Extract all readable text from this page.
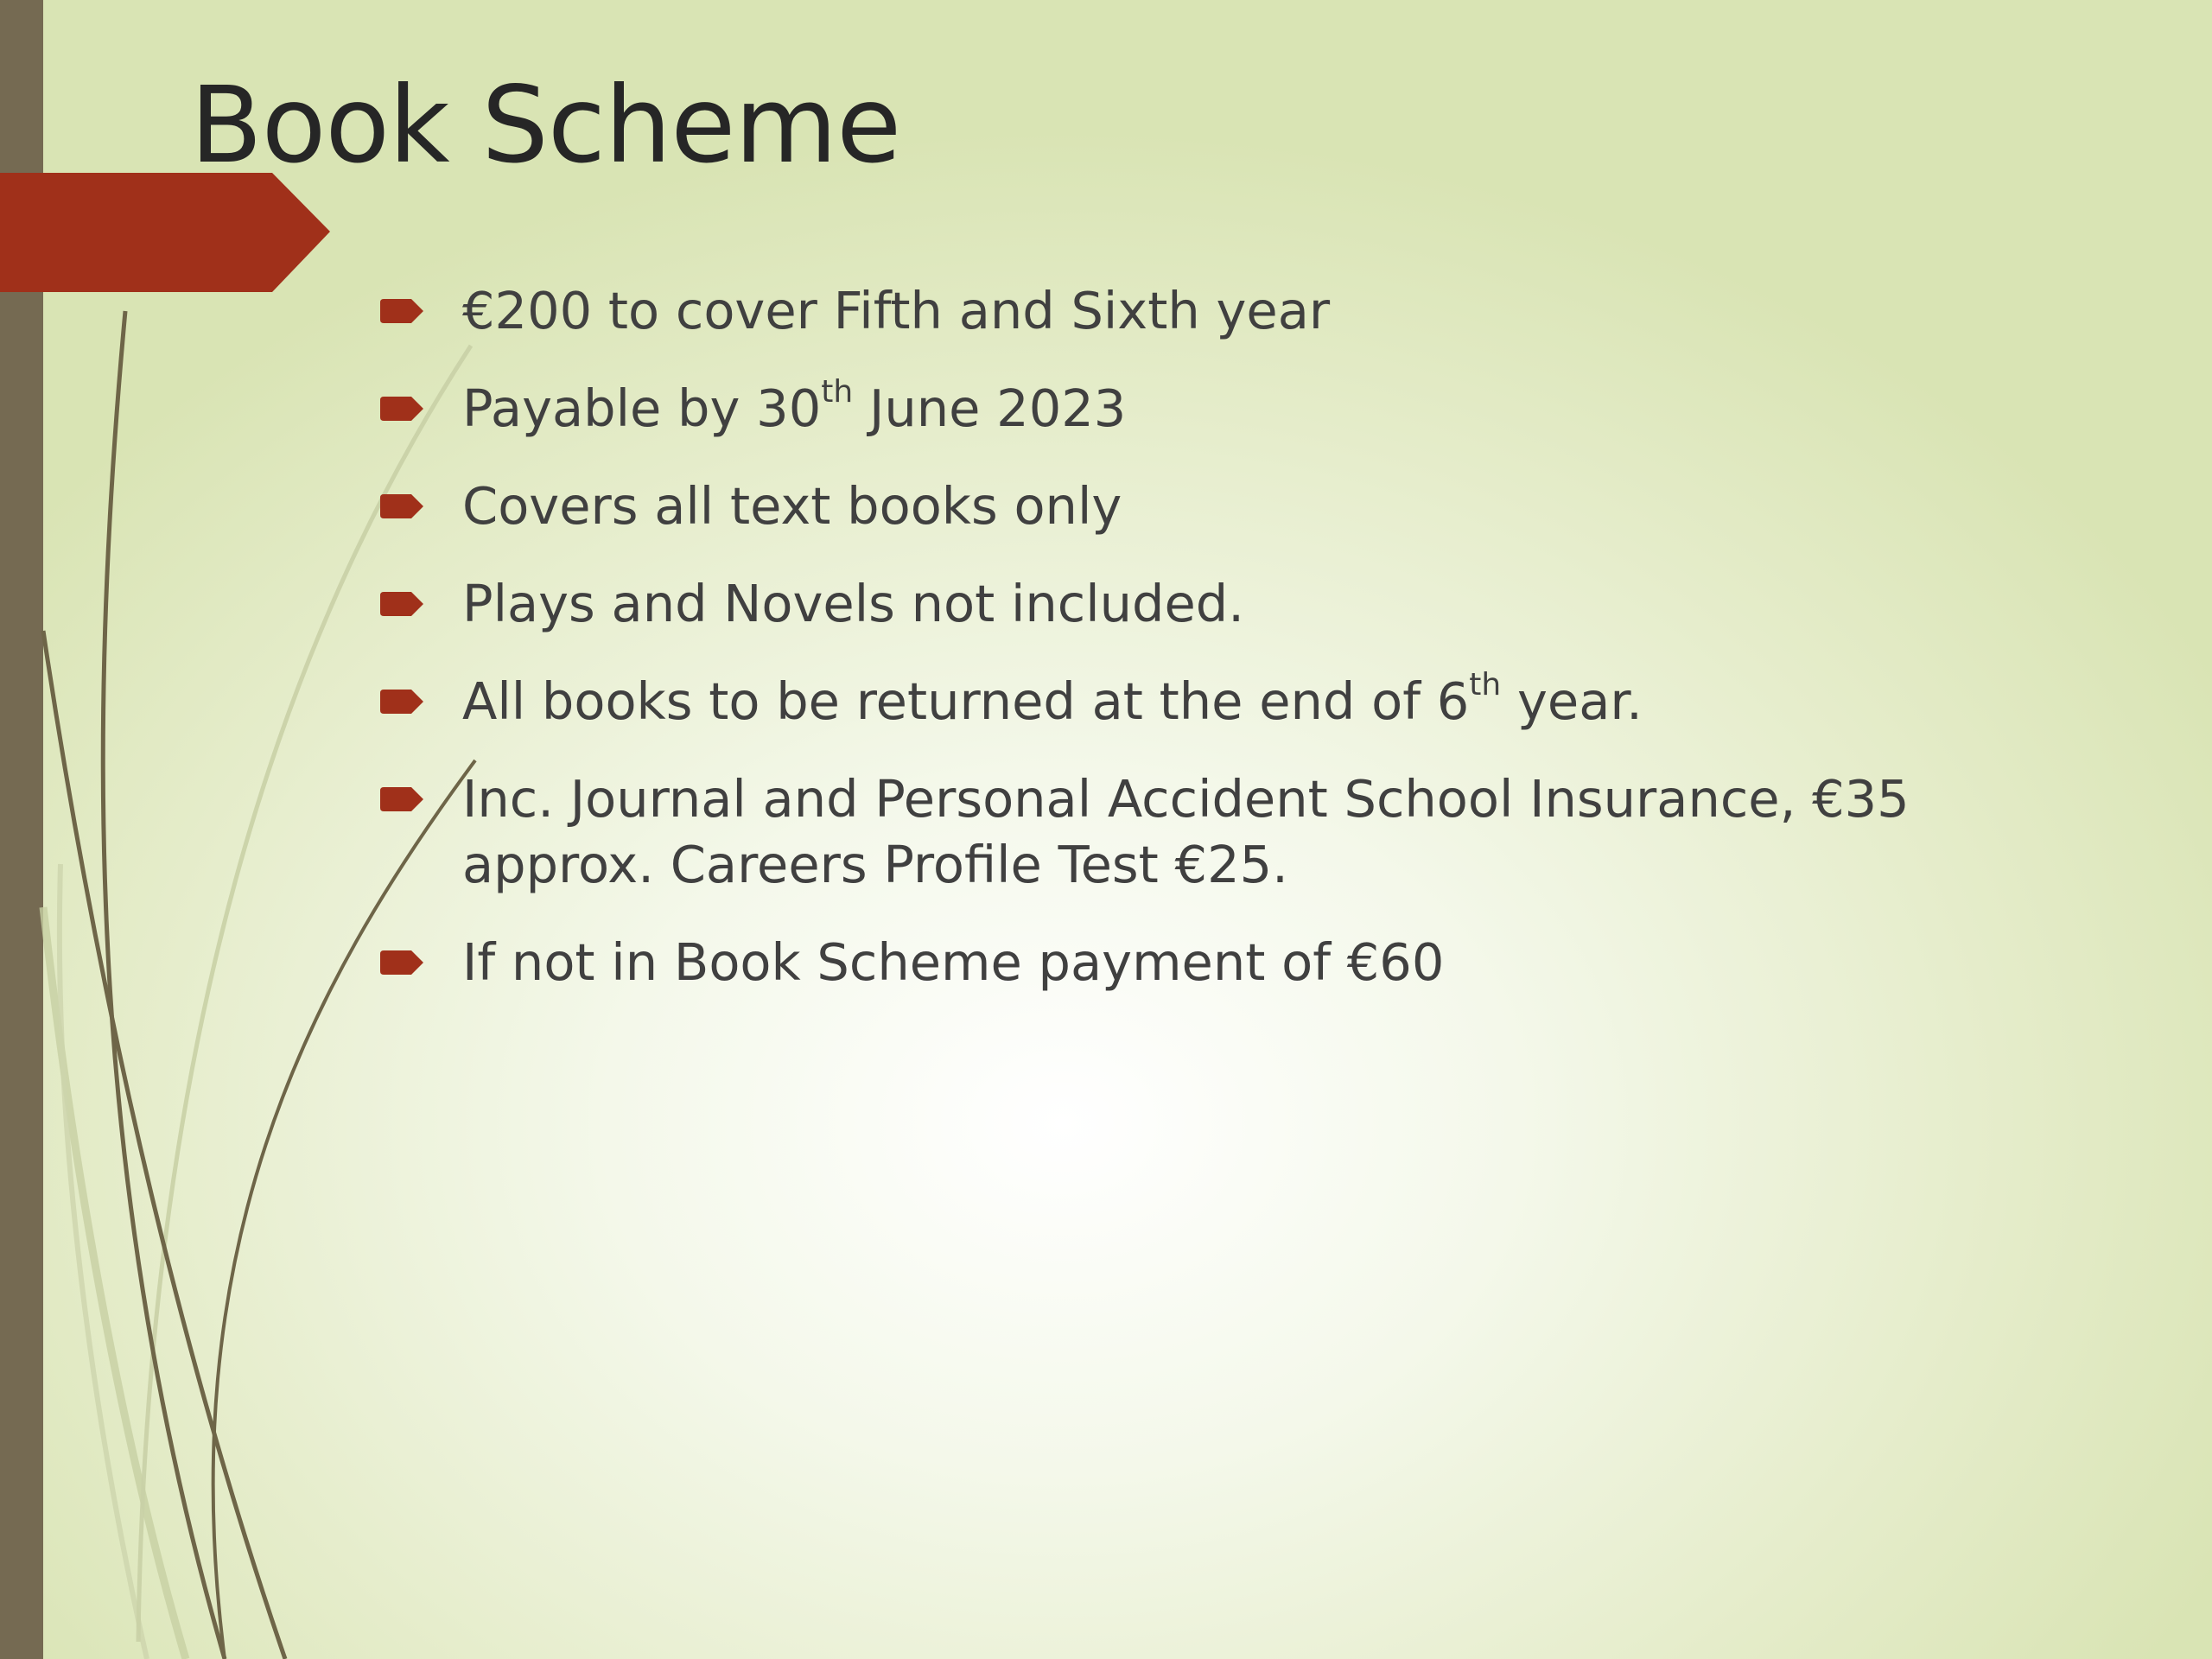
Book Scheme
€200 to cover Fifth and Sixth year
Payable by 30th June 2023
Covers all text books only
Plays and Novels not included.
All books to be returned at the end of 6th year.
Inc. Journal and Personal Accident School Insurance, €35 approx. Careers Profile Test €25.
If not in Book Scheme payment of €60
